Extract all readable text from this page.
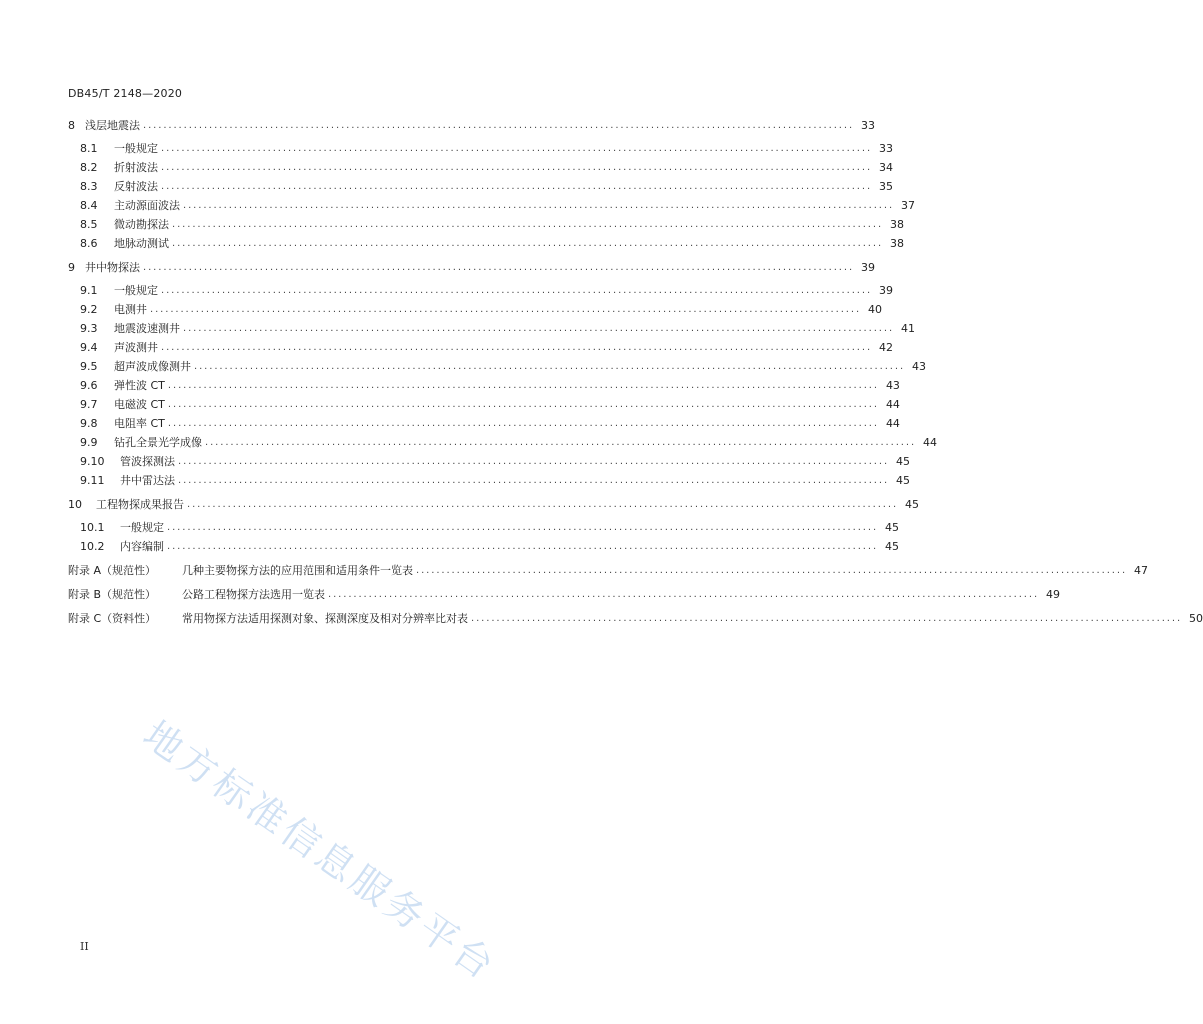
DB45/T 2148—2020
8 浅层地震法 ............................................................................................................................................ 33
8.1	一般规定 ............................................................................................................................................ 33
8.2	折射波法 ............................................................................................................................................ 34
8.3	反射波法 ............................................................................................................................................ 35
8.4	主动源面波法 ............................................................................................................................................ 37
8.5	微动勘探法 ............................................................................................................................................ 38
8.6	地脉动测试 ............................................................................................................................................ 38
9 井中物探法 ............................................................................................................................................ 39
9.1	一般规定 ............................................................................................................................................ 39
9.2	电测井 ............................................................................................................................................ 40
9.3	地震波速测井 ............................................................................................................................................ 41
9.4	声波测井 ............................................................................................................................................ 42
9.5	超声波成像测井 ............................................................................................................................................ 43
9.6	弹性波 CT ............................................................................................................................................ 43
9.7	电磁波 CT ............................................................................................................................................ 44
9.8	电阻率 CT ............................................................................................................................................ 44
9.9	钻孔全景光学成像 ............................................................................................................................................ 44
9.10	管波探测法 ............................................................................................................................................ 45
9.11	井中雷达法 ............................................................................................................................................ 45
10	工程物探成果报告 ............................................................................................................................................ 45
10.1	一般规定 ............................................................................................................................................ 45
10.2	内容编制 ............................................................................................................................................ 45
附录 A（规范性）	几种主要物探方法的应用范围和适用条件一览表 ............................................................................................................................................ 47
附录 B（规范性）	公路工程物探方法选用一览表 ............................................................................................................................................ 49
附录 C（资料性）	常用物探方法适用探测对象、探测深度及相对分辨率比对表 ............................................................................................................................................ 50
地方标准信息服务平台
II
